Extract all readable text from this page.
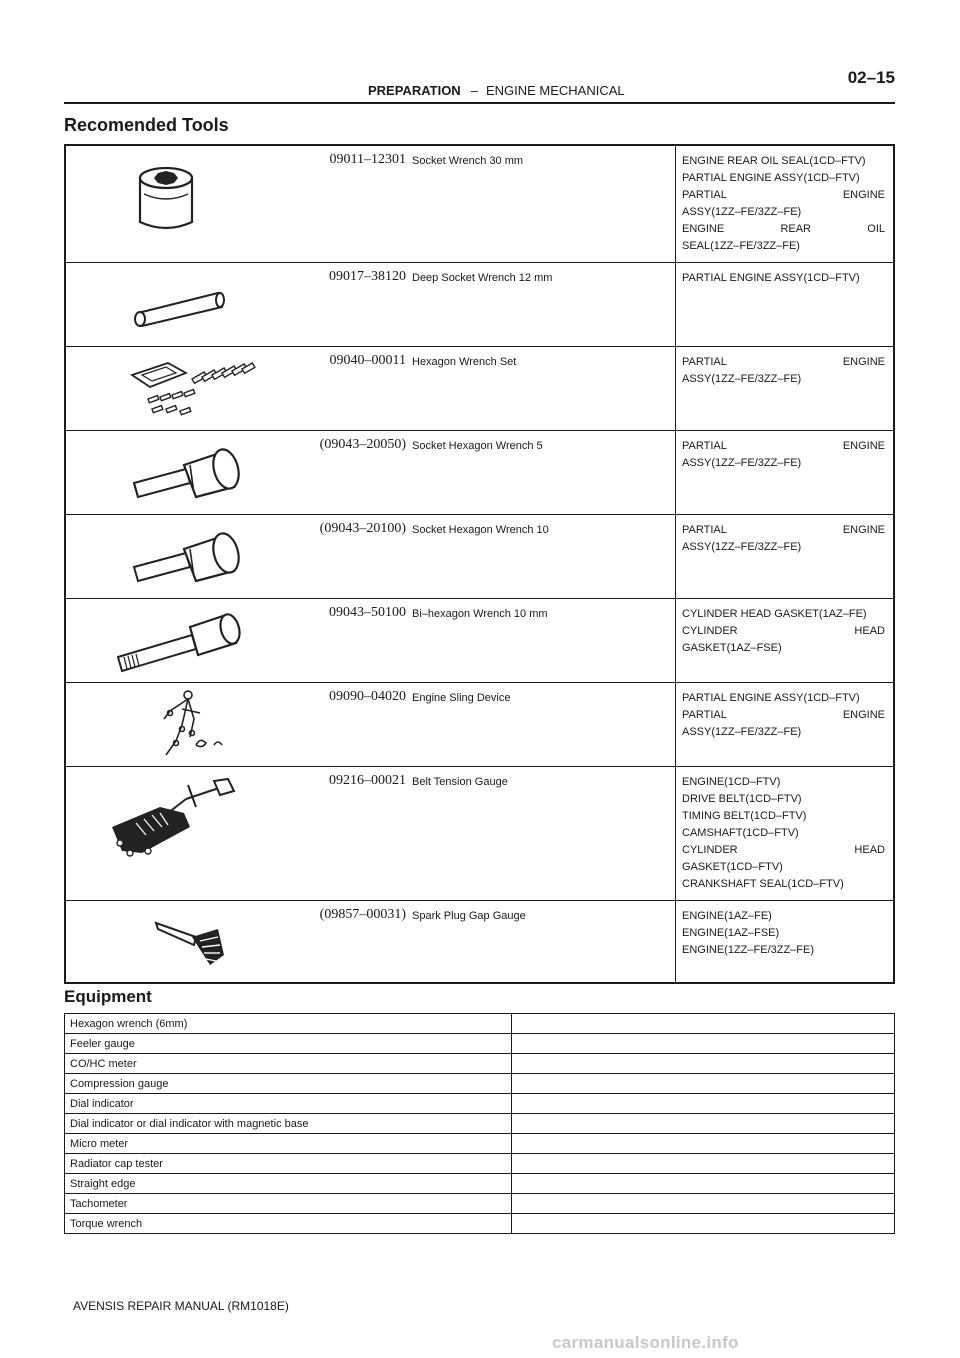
PREPARATION – ENGINE MECHANICAL
02–15
Recomended Tools
09011–12301 Socket Wrench 30 mm	ENGINE REAR OIL SEAL(1CD–FTV)
PARTIAL ENGINE ASSY(1CD–FTV)
PARTIAL ENGINE
ASSY(1ZZ–FE/3ZZ–FE)
ENGINE REAR OIL
SEAL(1ZZ–FE/3ZZ–FE)
09017–38120 Deep Socket Wrench 12 mm	PARTIAL ENGINE ASSY(1CD–FTV)
09040–00011 Hexagon Wrench Set	PARTIAL ENGINE
ASSY(1ZZ–FE/3ZZ–FE)
(09043–20050) Socket Hexagon Wrench 5	PARTIAL ENGINE
ASSY(1ZZ–FE/3ZZ–FE)
(09043–20100) Socket Hexagon Wrench 10	PARTIAL ENGINE
ASSY(1ZZ–FE/3ZZ–FE)
09043–50100 Bi–hexagon Wrench 10 mm	CYLINDER HEAD GASKET(1AZ–FE)
CYLINDER HEAD
GASKET(1AZ–FSE)
09090–04020 Engine Sling Device	PARTIAL ENGINE ASSY(1CD–FTV)
PARTIAL ENGINE
ASSY(1ZZ–FE/3ZZ–FE)
09216–00021 Belt Tension Gauge	ENGINE(1CD–FTV)
DRIVE BELT(1CD–FTV)
TIMING BELT(1CD–FTV)
CAMSHAFT(1CD–FTV)
CYLINDER HEAD
GASKET(1CD–FTV)
CRANKSHAFT SEAL(1CD–FTV)
(09857–00031) Spark Plug Gap Gauge	ENGINE(1AZ–FE)
ENGINE(1AZ–FSE)
ENGINE(1ZZ–FE/3ZZ–FE)
Equipment
Hexagon wrench (6mm)	
Feeler gauge	
CO/HC meter	
Compression gauge	
Dial indicator	
Dial indicator or dial indicator with magnetic base	
Micro meter	
Radiator cap tester	
Straight edge	
Tachometer	
Torque wrench	
AVENSIS REPAIR MANUAL (RM1018E)
carmanualsonline.info
